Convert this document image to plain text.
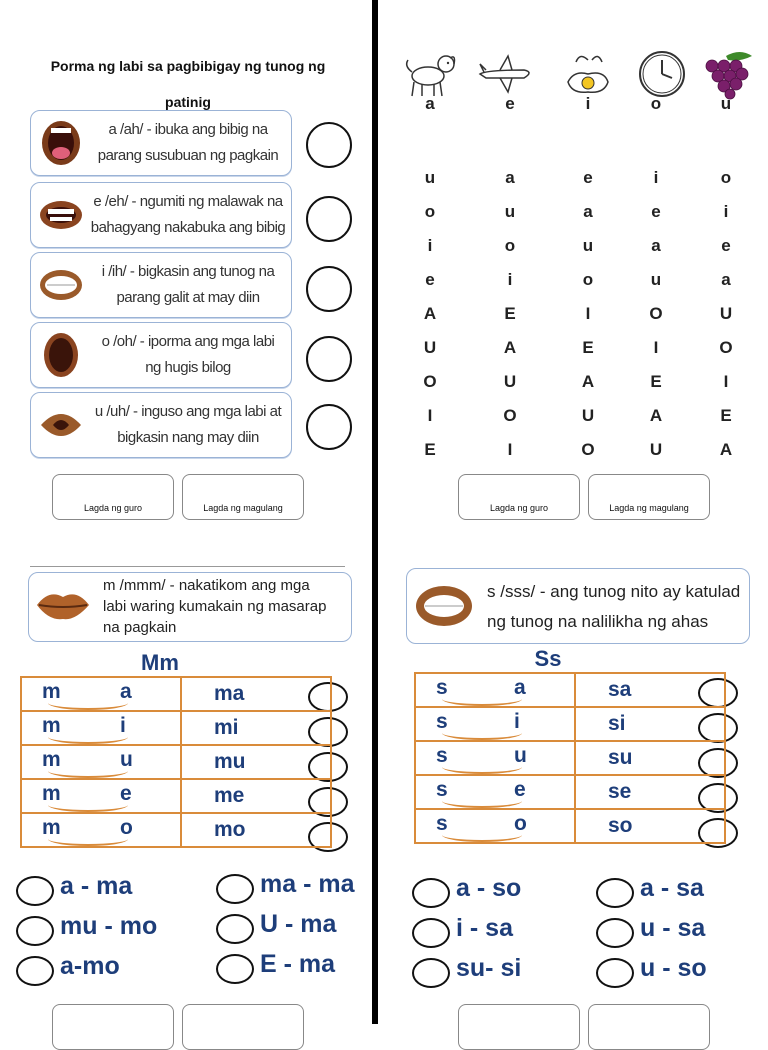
Porma ng labi sa pagbibigay ng tunog ng patinig
a /ah/ - ibuka ang bibig na
parang susubuan ng pagkain
e /eh/ - ngumiti ng malawak na
bahagyang nakabuka ang bibig
i /ih/ - bigkasin ang tunog na
parang galit at may diin
o /oh/ - iporma ang mga labi
ng hugis bilog
u /uh/ - inguso ang mga labi at
bigkasin nang may diin
Lagda ng guro	Lagda ng magulang
a	e	i	o	u
u	a	e	i	o
o	u	a	e	i
i	o	u	a	e
e	i	o	u	a
A	E	I	O	U
U	A	E	I	O
O	U	A	E	I
I	O	U	A	E
E	I	O	U	A
Lagda ng guro	Lagda ng magulang
m /mmm/ - nakatikom ang mga
labi waring kumakain ng masarap
na pagkain
Mm
m a	ma

m i	mi

m u	mu

m e	me

m o	mo
s /sss/ - ang tunog nito ay katulad
ng tunog na nalilikha ng ahas
Ss
s a	sa

s i	si

s u	su

s e	se

s o	so
a - ma	ma - ma
mu - mo	U - ma
a-mo	E - ma
a - so	a - sa
i - sa	u - sa
su- si	u - so
